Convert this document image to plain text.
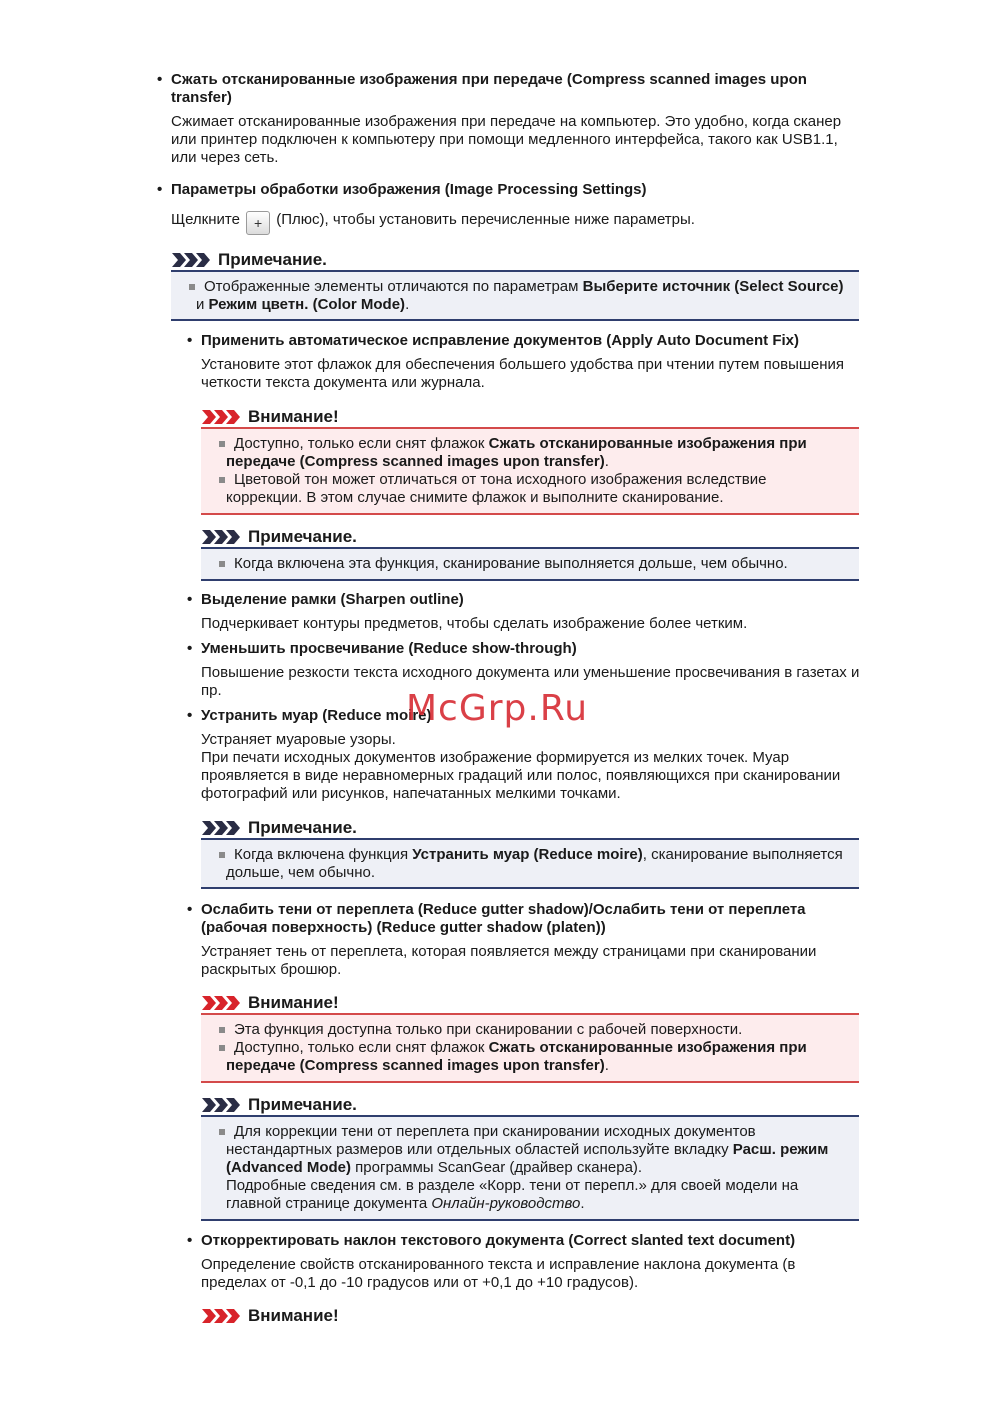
• Сжать отсканированные изображения при передаче (Compress scanned images upon transfer)
Сжимает отсканированные изображения при передаче на компьютер. Это удобно, когда сканер или принтер подключен к компьютеру при помощи медленного интерфейса, такого как USB1.1, или через сеть.
• Параметры обработки изображения (Image Processing Settings)
Щелкните + (Плюс), чтобы установить перечисленные ниже параметры.
Примечание.
Отображенные элементы отличаются по параметрам Выберите источник (Select Source)
и Режим цветн. (Color Mode).
• Применить автоматическое исправление документов (Apply Auto Document Fix)
Установите этот флажок для обеспечения большего удобства при чтении путем повышения четкости текста документа или журнала.
Внимание!
Доступно, только если снят флажок Сжать отсканированные изображения при
передаче (Compress scanned images upon transfer).
Цветовой тон может отличаться от тона исходного изображения вследствие
коррекции. В этом случае снимите флажок и выполните сканирование.
Примечание.
Когда включена эта функция, сканирование выполняется дольше, чем обычно.
• Выделение рамки (Sharpen outline)
Подчеркивает контуры предметов, чтобы сделать изображение более четким.
• Уменьшить просвечивание (Reduce show-through)
Повышение резкости текста исходного документа или уменьшение просвечивания в газетах и пр.
• Устранить муар (Reduce moire)

Устраняет муаровые узоры.

При печати исходных документов изображение формируется из мелких точек. Муар проявляется в виде неравномерных градаций или полос, появляющихся при сканировании фотографий или рисунков, напечатанных мелкими точками.

Примечание.
Когда включена функция Устранить муар (Reduce moire), сканирование выполняется
дольше, чем обычно.
• Ослабить тени от переплета (Reduce gutter shadow)/Ослабить тени от переплета (рабочая поверхность) (Reduce gutter shadow (platen))
Устраняет тень от переплета, которая появляется между страницами при сканировании раскрытых брошюр.
Внимание!
Эта функция доступна только при сканировании с рабочей поверхности.
Доступно, только если снят флажок Сжать отсканированные изображения при
передаче (Compress scanned images upon transfer).
Примечание.
Для коррекции тени от переплета при сканировании исходных документов
нестандартных размеров или отдельных областей используйте вкладку Расш. режим
(Advanced Mode) программы ScanGear (драйвер сканера).
Подробные сведения см. в разделе «Корр. тени от перепл.» для своей модели на
главной странице документа Онлайн-руководство.
• Откорректировать наклон текстового документа (Correct slanted text document)
Определение свойств отсканированного текста и исправление наклона документа (в пределах от -0,1 до -10 градусов или от +0,1 до +10 градусов).
Внимание!
McGrp.Ru
